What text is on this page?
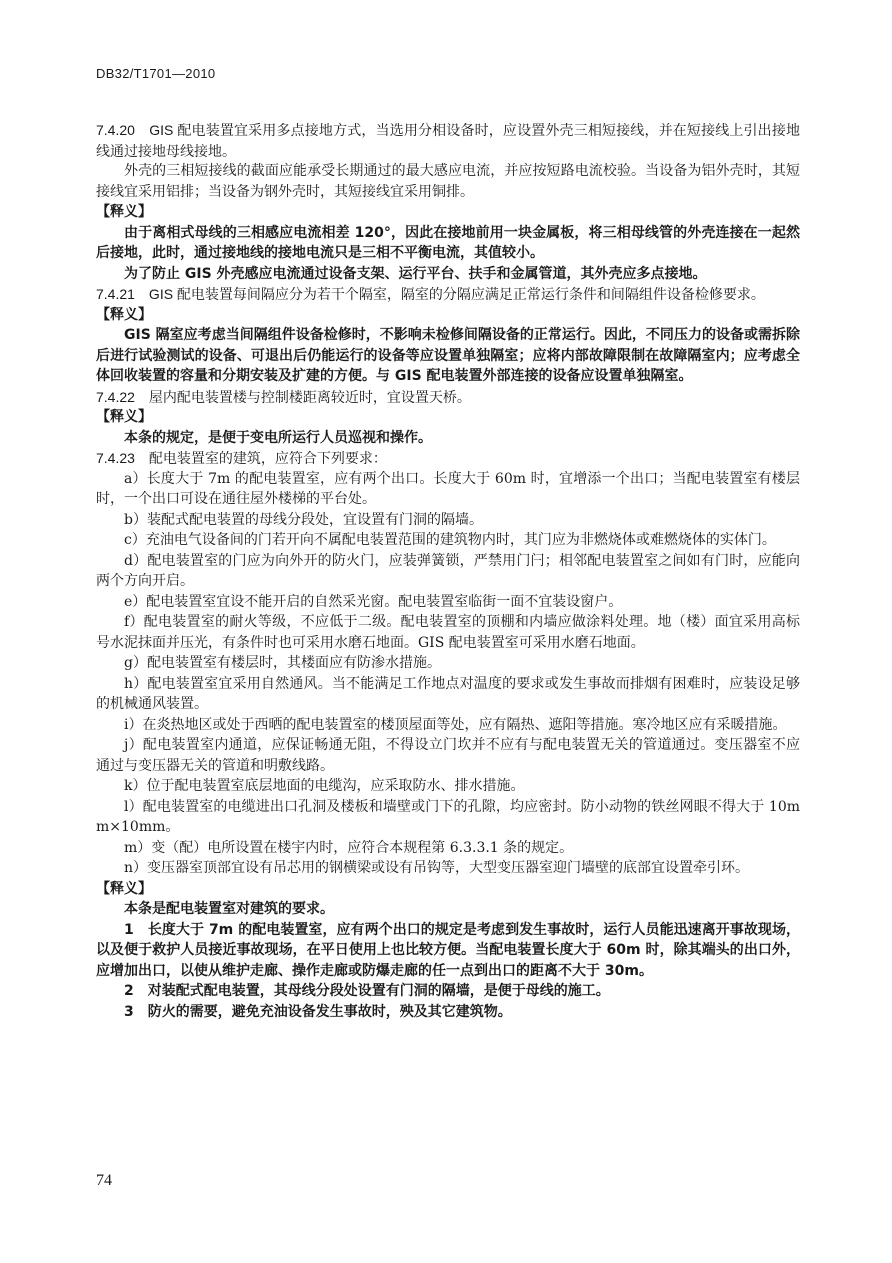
DB32/T1701—2010

7.4.20　GIS 配电装置宜采用多点接地方式，当选用分相设备时，应设置外壳三相短接线，并在短接线上引出接地线通过接地母线接地。

外壳的三相短接线的截面应能承受长期通过的最大感应电流，并应按短路电流校验。当设备为铝外壳时，其短接线宜采用铝排；当设备为钢外壳时，其短接线宜采用铜排。

【释义】

由于离相式母线的三相感应电流相差 120°，因此在接地前用一块金属板，将三相母线管的外壳连接在一起然后接地，此时，通过接地线的接地电流只是三相不平衡电流，其值较小。

为了防止 GIS 外壳感应电流通过设备支架、运行平台、扶手和金属管道，其外壳应多点接地。

7.4.21　GIS 配电装置每间隔应分为若干个隔室，隔室的分隔应满足正常运行条件和间隔组件设备检修要求。

【释义】

GIS 隔室应考虑当间隔组件设备检修时，不影响未检修间隔设备的正常运行。因此，不同压力的设备或需拆除后进行试验测试的设备、可退出后仍能运行的设备等应设置单独隔室；应将内部故障限制在故障隔室内；应考虑全体回收装置的容量和分期安装及扩建的方便。与 GIS 配电装置外部连接的设备应设置单独隔室。

7.4.22　屋内配电装置楼与控制楼距离较近时，宜设置天桥。

【释义】

本条的规定，是便于变电所运行人员巡视和操作。

7.4.23　配电装置室的建筑，应符合下列要求：

a）长度大于 7m 的配电装置室，应有两个出口。长度大于 60m 时，宜增添一个出口；当配电装置室有楼层时，一个出口可设在通往屋外楼梯的平台处。

b）装配式配电装置的母线分段处，宜设置有门洞的隔墙。

c）充油电气设备间的门若开向不属配电装置范围的建筑物内时，其门应为非燃烧体或难燃烧体的实体门。

d）配电装置室的门应为向外开的防火门，应装弹簧锁，严禁用门闩；相邻配电装置室之间如有门时，应能向两个方向开启。

e）配电装置室宜设不能开启的自然采光窗。配电装置室临街一面不宜装设窗户。

f）配电装置室的耐火等级，不应低于二级。配电装置室的顶棚和内墙应做涂料处理。地（楼）面宜采用高标号水泥抹面并压光，有条件时也可采用水磨石地面。GIS 配电装置室可采用水磨石地面。

g）配电装置室有楼层时，其楼面应有防渗水措施。

h）配电装置室宜采用自然通风。当不能满足工作地点对温度的要求或发生事故而排烟有困难时，应装设足够的机械通风装置。

i）在炎热地区或处于西晒的配电装置室的楼顶屋面等处，应有隔热、遮阳等措施。寒冷地区应有采暖措施。

j）配电装置室内通道，应保证畅通无阻，不得设立门坎并不应有与配电装置无关的管道通过。变压器室不应通过与变压器无关的管道和明敷线路。

k）位于配电装置室底层地面的电缆沟，应采取防水、排水措施。

l）配电装置室的电缆进出口孔洞及楼板和墙壁或门下的孔隙，均应密封。防小动物的铁丝网眼不得大于 10mm×10mm。

m）变（配）电所设置在楼宇内时，应符合本规程第 6.3.3.1 条的规定。

n）变压器室顶部宜设有吊芯用的钢横梁或设有吊钩等，大型变压器室迎门墙壁的底部宜设置牵引环。

【释义】

本条是配电装置室对建筑的要求。

1　长度大于 7m 的配电装置室，应有两个出口的规定是考虑到发生事故时，运行人员能迅速离开事故现场，以及便于救护人员接近事故现场，在平日使用上也比较方便。当配电装置长度大于 60m 时，除其端头的出口外，应增加出口，以使从维护走廊、操作走廊或防爆走廊的任一点到出口的距离不大于 30m。

2　对装配式配电装置，其母线分段处设置有门洞的隔墙，是便于母线的施工。

3　防火的需要，避免充油设备发生事故时，殃及其它建筑物。

74
